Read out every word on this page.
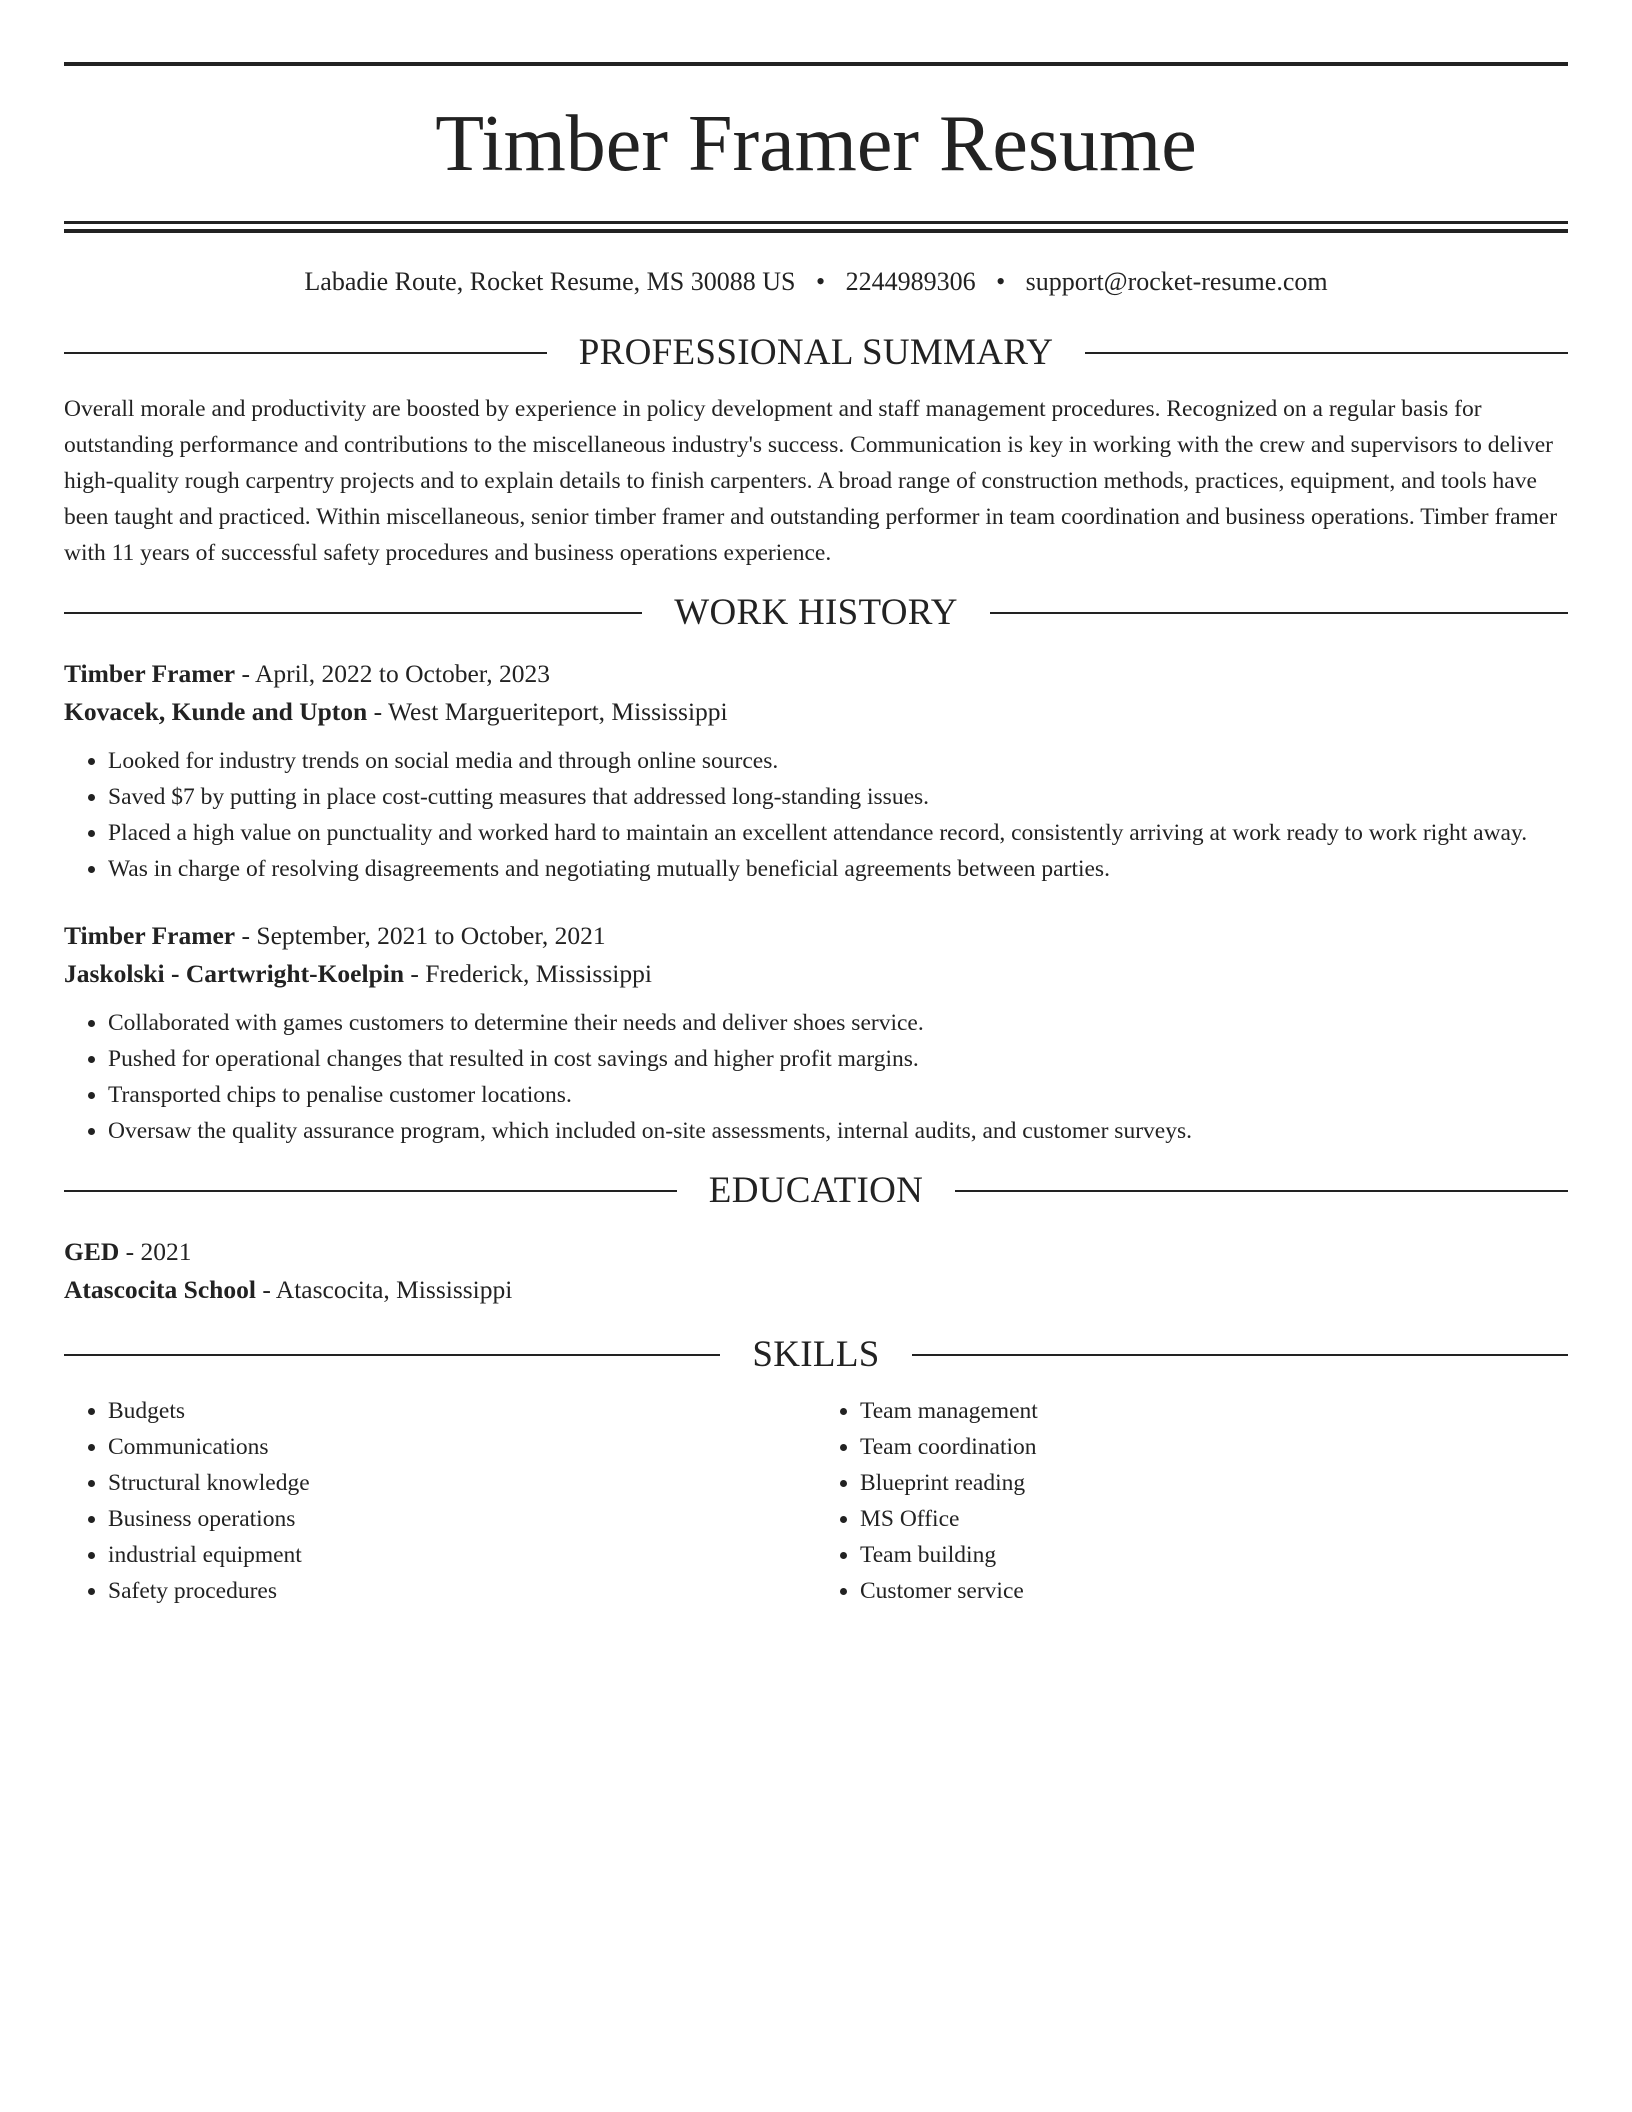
Timber Framer Resume
Labadie Route, Rocket Resume, MS 30088 US • 2244989306 • support@rocket-resume.com
PROFESSIONAL SUMMARY

Overall morale and productivity are boosted by experience in policy development and staff management procedures. Recognized on a regular basis for outstanding performance and contributions to the miscellaneous industry's success. Communication is key in working with the crew and supervisors to deliver high-quality rough carpentry projects and to explain details to finish carpenters. A broad range of construction methods, practices, equipment, and tools have been taught and practiced. Within miscellaneous, senior timber framer and outstanding performer in team coordination and business operations. Timber framer with 11 years of successful safety procedures and business operations experience.

WORK HISTORY
Timber Framer - April, 2022 to October, 2023
Kovacek, Kunde and Upton - West Margueriteport, Mississippi
• Looked for industry trends on social media and through online sources.
• Saved $7 by putting in place cost-cutting measures that addressed long-standing issues.
• Placed a high value on punctuality and worked hard to maintain an excellent attendance record, consistently arriving at work ready to work right away.
• Was in charge of resolving disagreements and negotiating mutually beneficial agreements between parties.
Timber Framer - September, 2021 to October, 2021
Jaskolski - Cartwright-Koelpin - Frederick, Mississippi
• Collaborated with games customers to determine their needs and deliver shoes service.
• Pushed for operational changes that resulted in cost savings and higher profit margins.
• Transported chips to penalise customer locations.
• Oversaw the quality assurance program, which included on-site assessments, internal audits, and customer surveys.
EDUCATION
GED - 2021
Atascocita School - Atascocita, Mississippi
SKILLS
• Budgets
• Communications
• Structural knowledge
• Business operations
• industrial equipment
• Safety procedures
• Team management
• Team coordination
• Blueprint reading
• MS Office
• Team building
• Customer service
